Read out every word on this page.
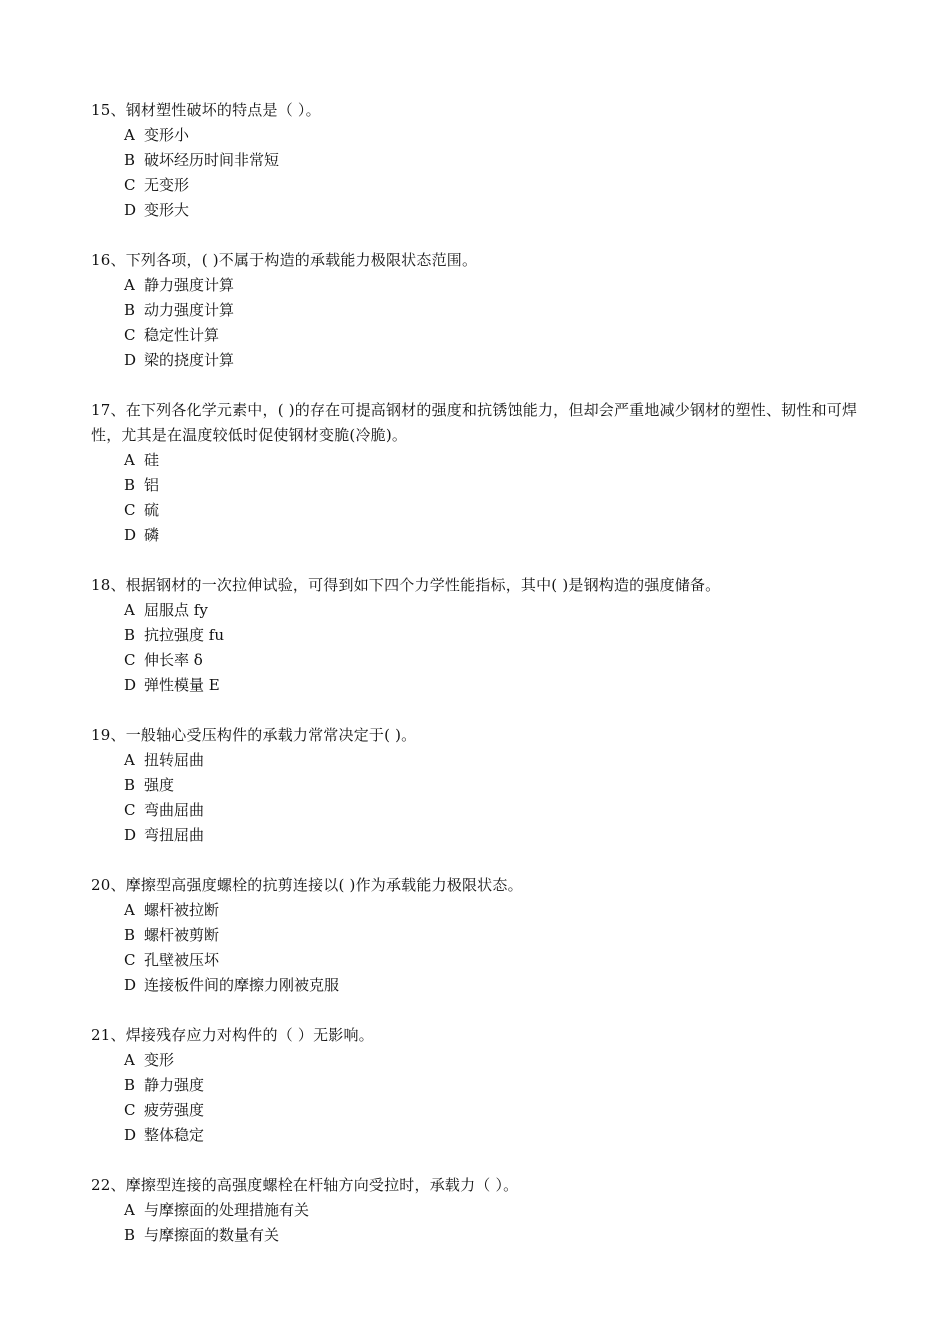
15、钢材塑性破坏的特点是（ ）。
A 变形小
B 破坏经历时间非常短
C 无变形
D 变形大
16、下列各项，( )不属于构造的承载能力极限状态范围。
A 静力强度计算
B 动力强度计算
C 稳定性计算
D 梁的挠度计算
17、在下列各化学元素中，( )的存在可提高钢材的强度和抗锈蚀能力，但却会严重地减少钢材的塑性、韧性和可焊性，尤其是在温度较低时促使钢材变脆(冷脆)。
A 硅
B 铝
C 硫
D 磷
18、根据钢材的一次拉伸试验，可得到如下四个力学性能指标，其中( )是钢构造的强度储备。
A 屈服点 fy
B 抗拉强度 fu
C 伸长率 δ
D 弹性模量 E
19、一般轴心受压构件的承载力常常决定于( )。
A 扭转屈曲
B 强度
C 弯曲屈曲
D 弯扭屈曲
20、摩擦型高强度螺栓的抗剪连接以( )作为承载能力极限状态。
A 螺杆被拉断
B 螺杆被剪断
C 孔壁被压坏
D 连接板件间的摩擦力刚被克服
21、焊接残存应力对构件的（ ）无影响。
A 变形
B 静力强度
C 疲劳强度
D 整体稳定
22、摩擦型连接的高强度螺栓在杆轴方向受拉时，承载力（ ）。
A 与摩擦面的处理措施有关
B 与摩擦面的数量有关
